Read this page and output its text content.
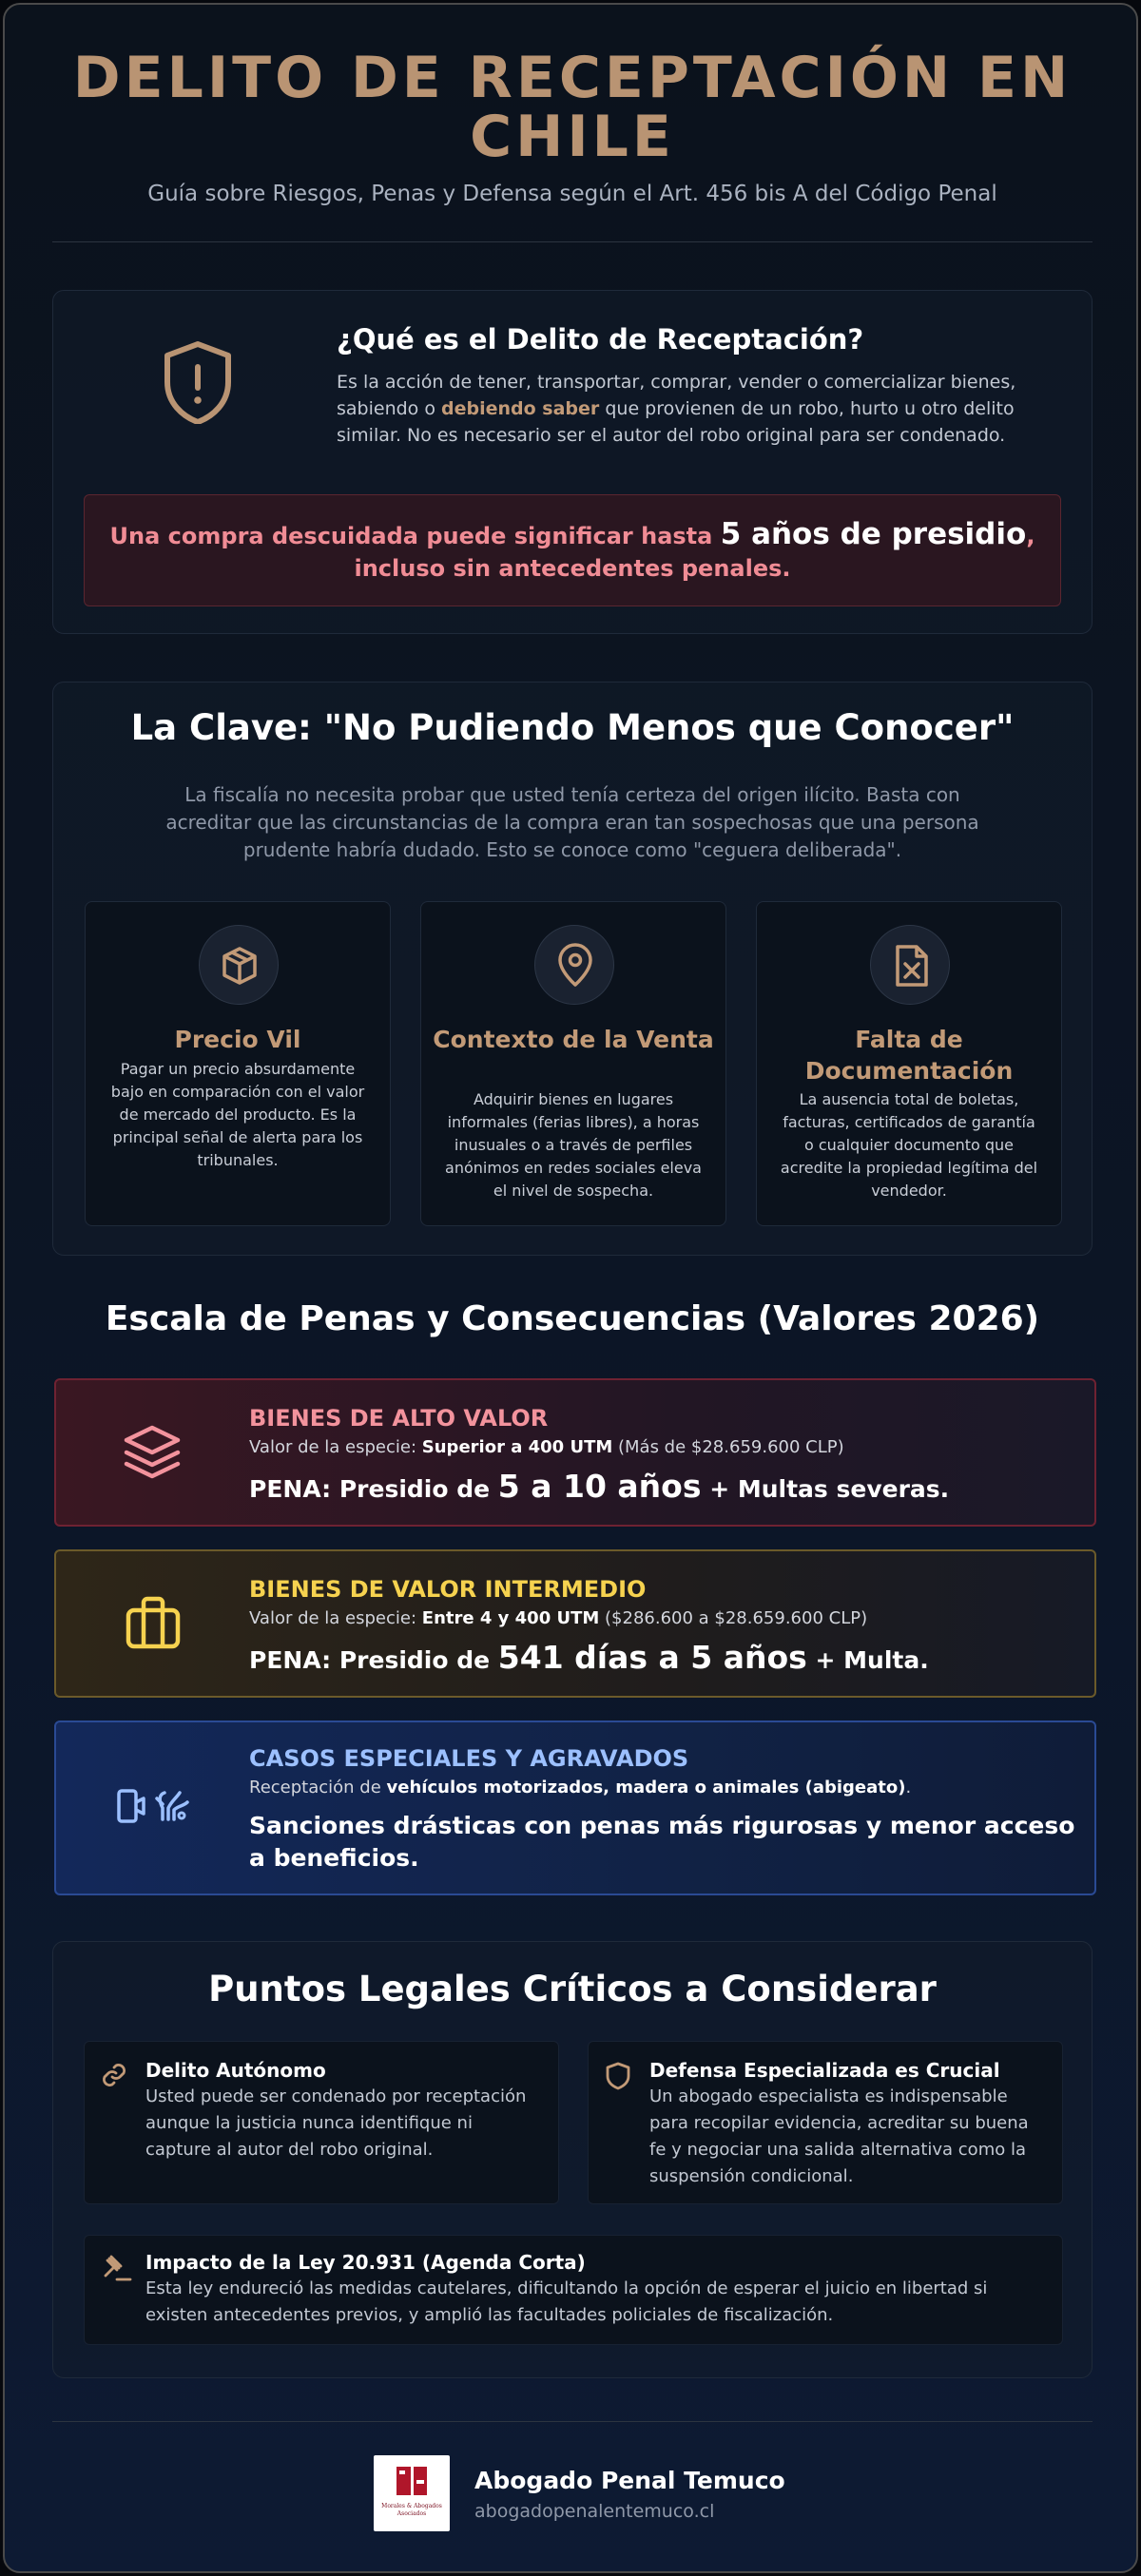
DELITO DE RECEPTACIÓN EN CHILE
Guía sobre Riesgos, Penas y Defensa según el Art. 456 bis A del Código Penal
¿Qué es el Delito de Receptación?
Es la acción de tener, transportar, comprar, vender o comercializar bienes, sabiendo o debiendo saber que provienen de un robo, hurto u otro delito similar. No es necesario ser el autor del robo original para ser condenado.
Una compra descuidada puede significar hasta 5 años de presidio, incluso sin antecedentes penales.
La Clave: "No Pudiendo Menos que Conocer"
La fiscalía no necesita probar que usted tenía certeza del origen ilícito. Basta con acreditar que las circunstancias de la compra eran tan sospechosas que una persona prudente habría dudado. Esto se conoce como "ceguera deliberada".
Precio Vil
Pagar un precio absurdamente bajo en comparación con el valor de mercado del producto. Es la principal señal de alerta para los tribunales.
Contexto de la Venta
Adquirir bienes en lugares informales (ferias libres), a horas inusuales o a través de perfiles anónimos en redes sociales eleva el nivel de sospecha.
Falta de Documentación
La ausencia total de boletas, facturas, certificados de garantía o cualquier documento que acredite la propiedad legítima del vendedor.
Escala de Penas y Consecuencias (Valores 2026)
BIENES DE ALTO VALOR
Valor de la especie: Superior a 400 UTM (Más de $28.659.600 CLP)
PENA: Presidio de 5 a 10 años + Multas severas.
BIENES DE VALOR INTERMEDIO
Valor de la especie: Entre 4 y 400 UTM ($286.600 a $28.659.600 CLP)
PENA: Presidio de 541 días a 5 años + Multa.
CASOS ESPECIALES Y AGRAVADOS
Receptación de vehículos motorizados, madera o animales (abigeato).
Sanciones drásticas con penas más rigurosas y menor acceso a beneficios.
Puntos Legales Críticos a Considerar
Delito Autónomo
Usted puede ser condenado por receptación aunque la justicia nunca identifique ni capture al autor del robo original.
Defensa Especializada es Crucial
Un abogado especialista es indispensable para recopilar evidencia, acreditar su buena fe y negociar una salida alternativa como la suspensión condicional.
Impacto de la Ley 20.931 (Agenda Corta)
Esta ley endureció las medidas cautelares, dificultando la opción de esperar el juicio en libertad si existen antecedentes previos, y amplió las facultades policiales de fiscalización.
Morales & Abogados Asociados
Abogado Penal Temuco
abogadopenalentemuco.cl
